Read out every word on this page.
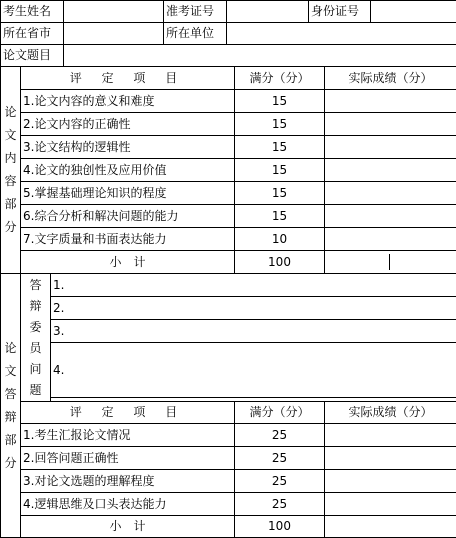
考生姓名		准考证号		身份证号	
所在省市		所在单位			
论文题目					
论文内容部分	评 定 项 目	满分（分）	实际成绩（分）
	1.论文内容的意义和难度	15	
	2.论文内容的正确性	15	
	3.论文结构的逻辑性	15	
	4.论文的独创性及应用价值	15	
	5.掌握基础理论知识的程度	15	
	6.综合分析和解决问题的能力	15	
	7.文字质量和书面表达能力	10	
	小　计	100	
论文答辩部分	答辩委员问题	1.		
		2.		
		3.		
		4.		

	评 定 项 目		满分（分）	实际成绩（分）
	1.考生汇报论文情况		25	
	2.回答问题正确性		25	
	3.对论文选题的理解程度		25	
	4.逻辑思维及口头表达能力		25	
	小　计		100	
